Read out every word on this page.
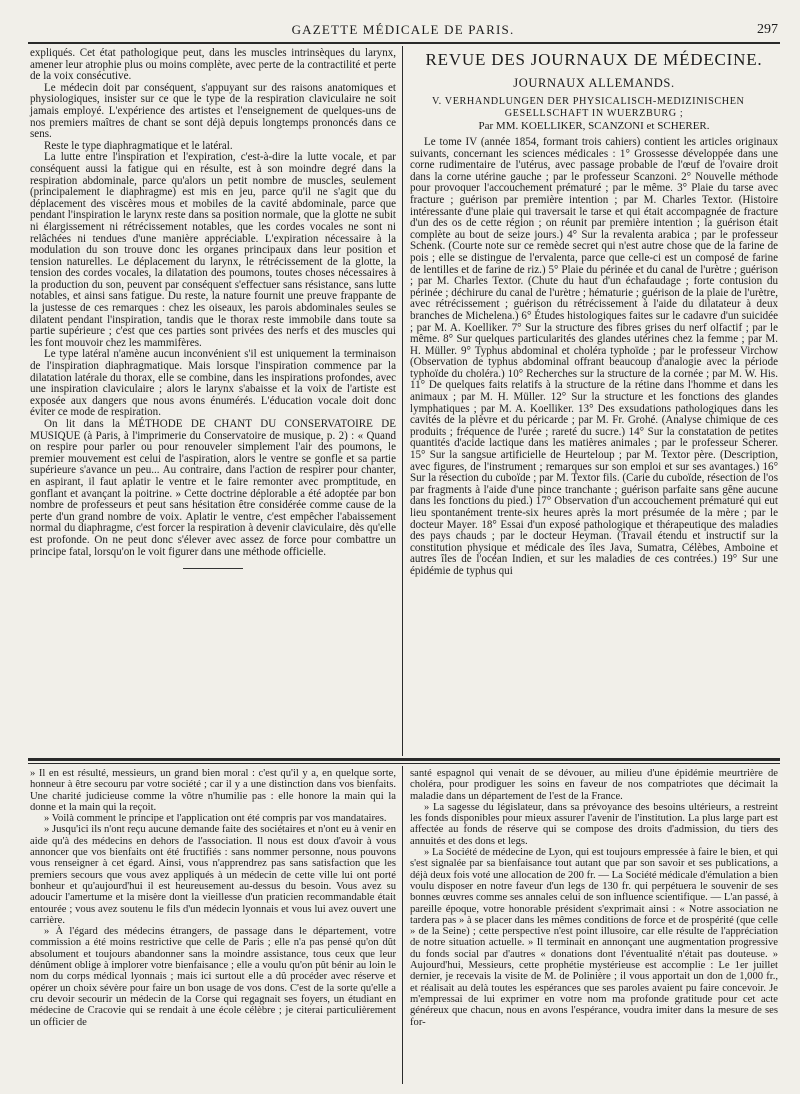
GAZETTE MÉDICALE DE PARIS.	297

expliqués. Cet état pathologique peut, dans les muscles intrinsèques du larynx, amener leur atrophie plus ou moins complète, avec perte de la contractilité et perte de la voix consécutive.

Le médecin doit par conséquent, s'appuyant sur des raisons anatomiques et physiologiques, insister sur ce que le type de la respiration claviculaire ne soit jamais employé. L'expérience des artistes et l'enseignement de quelques-uns de nos premiers maîtres de chant se sont déjà depuis longtemps prononcés dans ce sens.

Reste le type diaphragmatique et le latéral.

La lutte entre l'inspiration et l'expiration, c'est-à-dire la lutte vocale, et par conséquent aussi la fatigue qui en résulte, est à son moindre degré dans la respiration abdominale, parce qu'alors un petit nombre de muscles, seulement (principalement le diaphragme) est mis en jeu, parce qu'il ne s'agit que du déplacement des viscères mous et mobiles de la cavité abdominale, parce que pendant l'inspiration le larynx reste dans sa position normale, que la glotte ne subit ni élargissement ni rétrécissement notables, que les cordes vocales ne sont ni relâchées ni tendues d'une manière appréciable. L'expiration nécessaire à la modulation du son trouve donc les organes principaux dans leur position et tension naturelles. Le déplacement du larynx, le rétrécissement de la glotte, la tension des cordes vocales, la dilatation des poumons, toutes choses nécessaires à la production du son, peuvent par conséquent s'effectuer sans résistance, sans lutte notables, et ainsi sans fatigue. Du reste, la nature fournit une preuve frappante de la justesse de ces remarques : chez les oiseaux, les parois abdominales seules se dilatent pendant l'inspiration, tandis que le thorax reste immobile dans toute sa partie supérieure ; c'est que ces parties sont privées des nerfs et des muscles qui les font mouvoir chez les mammifères.

Le type latéral n'amène aucun inconvénient s'il est uniquement la terminaison de l'inspiration diaphragmatique. Mais lorsque l'inspiration commence par la dilatation latérale du thorax, elle se combine, dans les inspirations profondes, avec une inspiration claviculaire ; alors le larynx s'abaisse et la voix de l'artiste est exposée aux dangers que nous avons énumérés. L'éducation vocale doit donc éviter ce mode de respiration.

On lit dans la MÉTHODE DE CHANT DU CONSERVATOIRE DE MUSIQUE (à Paris, à l'imprimerie du Conservatoire de musique, p. 2) : « Quand on respire pour parler ou pour renouveler simplement l'air des poumons, le premier mouvement est celui de l'aspiration, alors le ventre se gonfle et sa partie supérieure s'avance un peu... Au contraire, dans l'action de respirer pour chanter, en aspirant, il faut aplatir le ventre et le faire remonter avec promptitude, en gonflant et avançant la poitrine. » Cette doctrine déplorable a été adoptée par bon nombre de professeurs et peut sans hésitation être considérée comme cause de la perte d'un grand nombre de voix. Aplatir le ventre, c'est empêcher l'abaissement normal du diaphragme, c'est forcer la respiration à devenir claviculaire, dès qu'elle est profonde. On ne peut donc s'élever avec assez de force pour combattre un principe fatal, lorsqu'on le voit figurer dans une méthode officielle.

REVUE DES JOURNAUX DE MÉDECINE.
JOURNAUX ALLEMANDS.
V. VERHANDLUNGEN DER PHYSICALISCH-MEDIZINISCHEN
GESELLSCHAFT IN WUERZBURG ;
Par MM. KOELLIKER, SCANZONI et SCHERER.

Le tome IV (année 1854, formant trois cahiers) contient les articles originaux suivants, concernant les sciences médicales : 1° Grossesse développée dans une corne rudimentaire de l'utérus, avec passage probable de l'œuf de l'ovaire droit dans la corne utérine gauche ; par le professeur Scanzoni. 2° Nouvelle méthode pour provoquer l'accouchement prématuré ; par le même. 3° Plaie du tarse avec fracture ; guérison par première intention ; par M. Charles Textor. (Histoire intéressante d'une plaie qui traversait le tarse et qui était accompagnée de fracture d'un des os de cette région ; on réunit par première intention ; la guérison était complète au bout de seize jours.) 4° Sur la revalenta arabica ; par le professeur Schenk. (Courte note sur ce remède secret qui n'est autre chose que de la farine de pois ; elle se distingue de l'ervalenta, parce que celle-ci est un composé de farine de lentilles et de farine de riz.) 5° Plaie du périnée et du canal de l'urètre ; guérison ; par M. Charles Textor. (Chute du haut d'un échafaudage ; forte contusion du périnée ; déchirure du canal de l'urètre ; hématurie ; guérison de la plaie de l'urètre, avec rétrécissement ; guérison du rétrécissement à l'aide du dilatateur à deux branches de Michelena.) 6° Études histologiques faites sur le cadavre d'un suicidée ; par M. A. Koelliker. 7° Sur la structure des fibres grises du nerf olfactif ; par le même. 8° Sur quelques particularités des glandes utérines chez la femme ; par M. H. Müller. 9° Typhus abdominal et choléra typhoïde ; par le professeur Virchow (Observation de typhus abdominal offrant beaucoup d'analogie avec la période typhoïde du choléra.) 10° Recherches sur la structure de la cornée ; par M. W. His. 11° De quelques faits relatifs à la structure de la rétine dans l'homme et dans les animaux ; par M. H. Müller. 12° Sur la structure et les fonctions des glandes lymphatiques ; par M. A. Koelliker. 13° Des exsudations pathologiques dans les cavités de la plèvre et du péricarde ; par M. Fr. Grohé. (Analyse chimique de ces produits ; fréquence de l'urée ; rareté du sucre.) 14° Sur la constatation de petites quantités d'acide lactique dans les matières animales ; par le professeur Scherer. 15° Sur la sangsue artificielle de Heurteloup ; par M. Textor père. (Description, avec figures, de l'instrument ; remarques sur son emploi et sur ses avantages.) 16° Sur la résection du cuboïde ; par M. Textor fils. (Carie du cuboïde, résection de l'os par fragments à l'aide d'une pince tranchante ; guérison parfaite sans gêne aucune dans les fonctions du pied.) 17° Observation d'un accouchement prématuré qui eut lieu spontanément trente-six heures après la mort présumée de la mère ; par le docteur Mayer. 18° Essai d'un exposé pathologique et thérapeutique des maladies des pays chauds ; par le docteur Heyman. (Travail étendu et instructif sur la constitution physique et médicale des îles Java, Sumatra, Célèbes, Amboine et autres îles de l'océan Indien, et sur les maladies de ces contrées.) 19° Sur une épidémie de typhus qui

» Il en est résulté, messieurs, un grand bien moral : c'est qu'il y a, en quelque sorte, honneur à être secouru par votre société ; car il y a une distinction dans vos bienfaits. Une charité judicieuse comme la vôtre n'humilie pas : elle honore la main qui la donne et la main qui la reçoit.

» Voilà comment le principe et l'application ont été compris par vos mandataires.

» Jusqu'ici ils n'ont reçu aucune demande faite des sociétaires et n'ont eu à venir en aide qu'à des médecins en dehors de l'association. Il nous est doux d'avoir à vous annoncer que vos bienfaits ont été fructifiés : sans nommer personne, nous pouvons vous renseigner à cet égard. Ainsi, vous n'apprendrez pas sans satisfaction que les premiers secours que vous avez appliqués à un médecin de cette ville lui ont porté bonheur et qu'aujourd'hui il est heureusement au-dessus du besoin. Vous avez su adoucir l'amertume et la misère dont la vieillesse d'un praticien recommandable était entourée ; vous avez soutenu le fils d'un médecin lyonnais et vous lui avez ouvert une carrière.

» À l'égard des médecins étrangers, de passage dans le département, votre commission a été moins restrictive que celle de Paris ; elle n'a pas pensé qu'on dût absolument et toujours abandonner sans la moindre assistance, tous ceux que leur dénûment oblige à implorer votre bienfaisance ; elle a voulu qu'on pût bénir au loin le nom du corps médical lyonnais ; mais ici surtout elle a dû procéder avec réserve et opérer un choix sévère pour faire un bon usage de vos dons. C'est de la sorte qu'elle a cru devoir secourir un médecin de la Corse qui regagnait ses foyers, un étudiant en médecine de Cracovie qui se rendait à une école célèbre ; je citerai particulièrement un officier de

santé espagnol qui venait de se dévouer, au milieu d'une épidémie meurtrière de choléra, pour prodiguer les soins en faveur de nos compatriotes que décimait la maladie dans un département de l'est de la France.

» La sagesse du législateur, dans sa prévoyance des besoins ultérieurs, a restreint les fonds disponibles pour mieux assurer l'avenir de l'institution. La plus large part est affectée au fonds de réserve qui se compose des droits d'admission, du tiers des annuités et des dons et legs.

» La Société de médecine de Lyon, qui est toujours empressée à faire le bien, et qui s'est signalée par sa bienfaisance tout autant que par son savoir et ses publications, a déjà deux fois voté une allocation de 200 fr. — La Société médicale d'émulation a bien voulu disposer en notre faveur d'un legs de 130 fr. qui perpétuera le souvenir de ses bonnes œuvres comme ses annales celui de son influence scientifique. — L'an passé, à pareille époque, votre honorable président s'exprimait ainsi : « Notre association ne tardera pas » à se placer dans les mêmes conditions de force et de prospérité (que celle » de la Seine) ; cette perspective n'est point illusoire, car elle résulte de l'appréciation de notre situation actuelle. » Il terminait en annonçant une augmentation progressive du fonds social par d'autres « donations dont l'éventualité n'était pas douteuse. » Aujourd'hui, Messieurs, cette prophétie mystérieuse est accomplie : Le 1er juillet dernier, je recevais la visite de M. de Polinière ; il vous apportait un don de 1,000 fr., et réalisait au delà toutes les espérances que ses paroles avaient pu faire concevoir. Je m'empressai de lui exprimer en votre nom ma profonde gratitude pour cet acte généreux que chacun, nous en avons l'espérance, voudra imiter dans la mesure de ses for-
